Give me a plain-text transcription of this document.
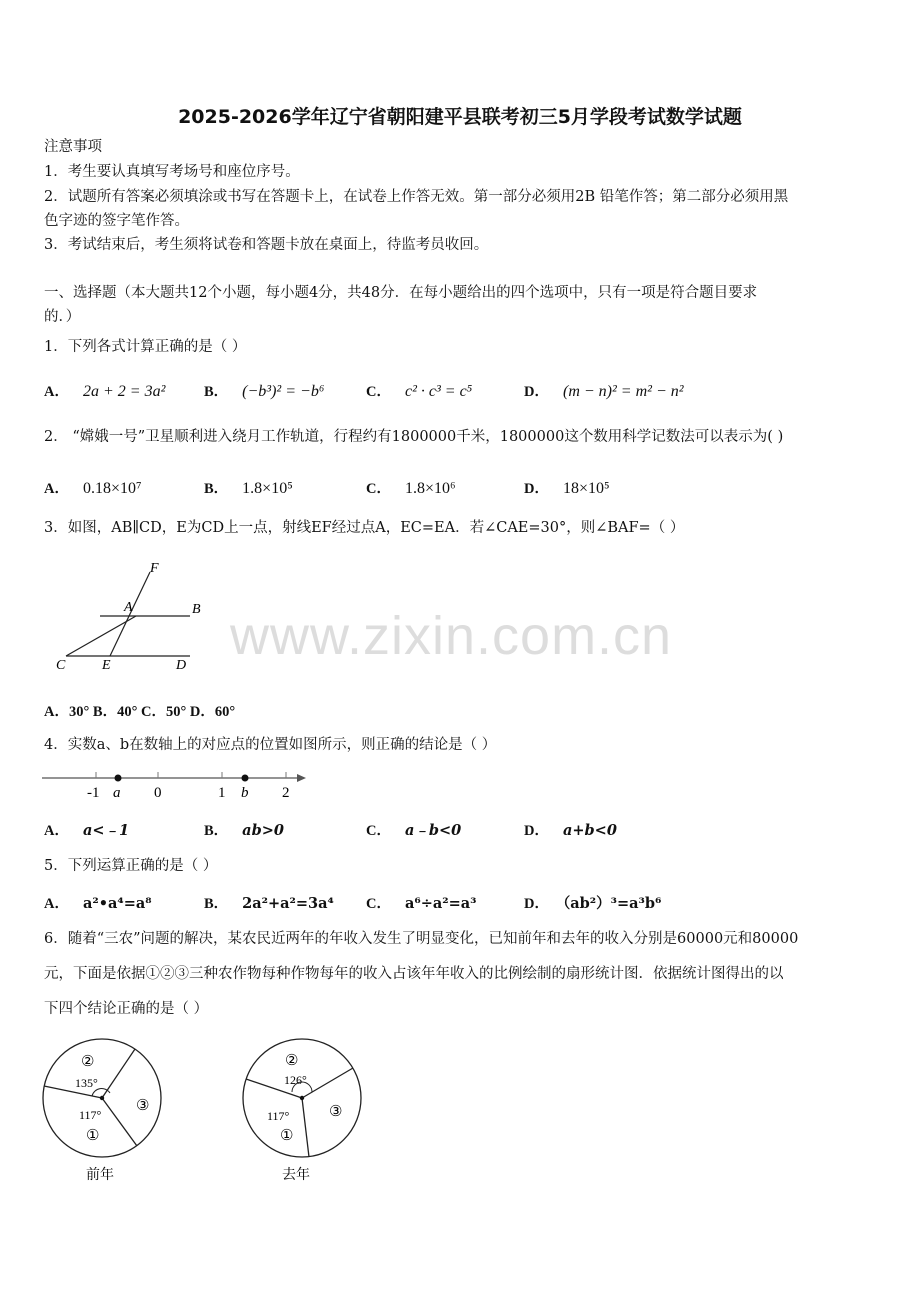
2025-2026学年辽宁省朝阳建平县联考初三5月学段考试数学试题
注意事项
1．考生要认真填写考场号和座位序号。
2．试题所有答案必须填涂或书写在答题卡上，在试卷上作答无效。第一部分必须用2B 铅笔作答；第二部分必须用黑
色字迹的签字笔作答。
3．考试结束后，考生须将试卷和答题卡放在桌面上，待监考员收回。
一、选择题（本大题共12个小题，每小题4分，共48分．在每小题给出的四个选项中，只有一项是符合题目要求
的．）
1．下列各式计算正确的是（ ）
A． 2a + 2 = 3a²	B． (−b³)² = −b⁶	C． c² · c³ = c⁵	D． (m − n)² = m² − n²
2． “嫦娥一号”卫星顺利进入绕月工作轨道，行程约有1800000千米，1800000这个数用科学记数法可以表示为( )
A． 0.18×10⁷	B． 1.8×10⁵	C． 1.8×10⁶	D． 18×10⁵
3．如图，AB∥CD，E为CD上一点，射线EF经过点A，EC=EA．若∠CAE=30°，则∠BAF=（ ）
F
A	B
C	E	D
A．30° B．40° C．50° D．60°
www.zixin.com.cn
4．实数a、b在数轴上的对应点的位置如图所示，则正确的结论是（ ）
-1 a 0	1 b 2
A． a<﹣1	B． ab>0	C． a﹣b<0	D． a+b<0
5．下列运算正确的是（ ）
A． a²•a⁴=a⁸	B． 2a²+a²=3a⁴ C． a⁶÷a²=a³	D． （ab²）³=a³b⁶
6．随着“三农”问题的解决，某农民近两年的年收入发生了明显变化，已知前年和去年的收入分别是60000元和80000
元，下面是依据①②③三种农作物每种作物每年的收入占该年年收入的比例绘制的扇形统计图．依据统计图得出的以
下四个结论正确的是（ ）
②
135°
③
117°
①
前年
②
126°
③
117°
①
去年
